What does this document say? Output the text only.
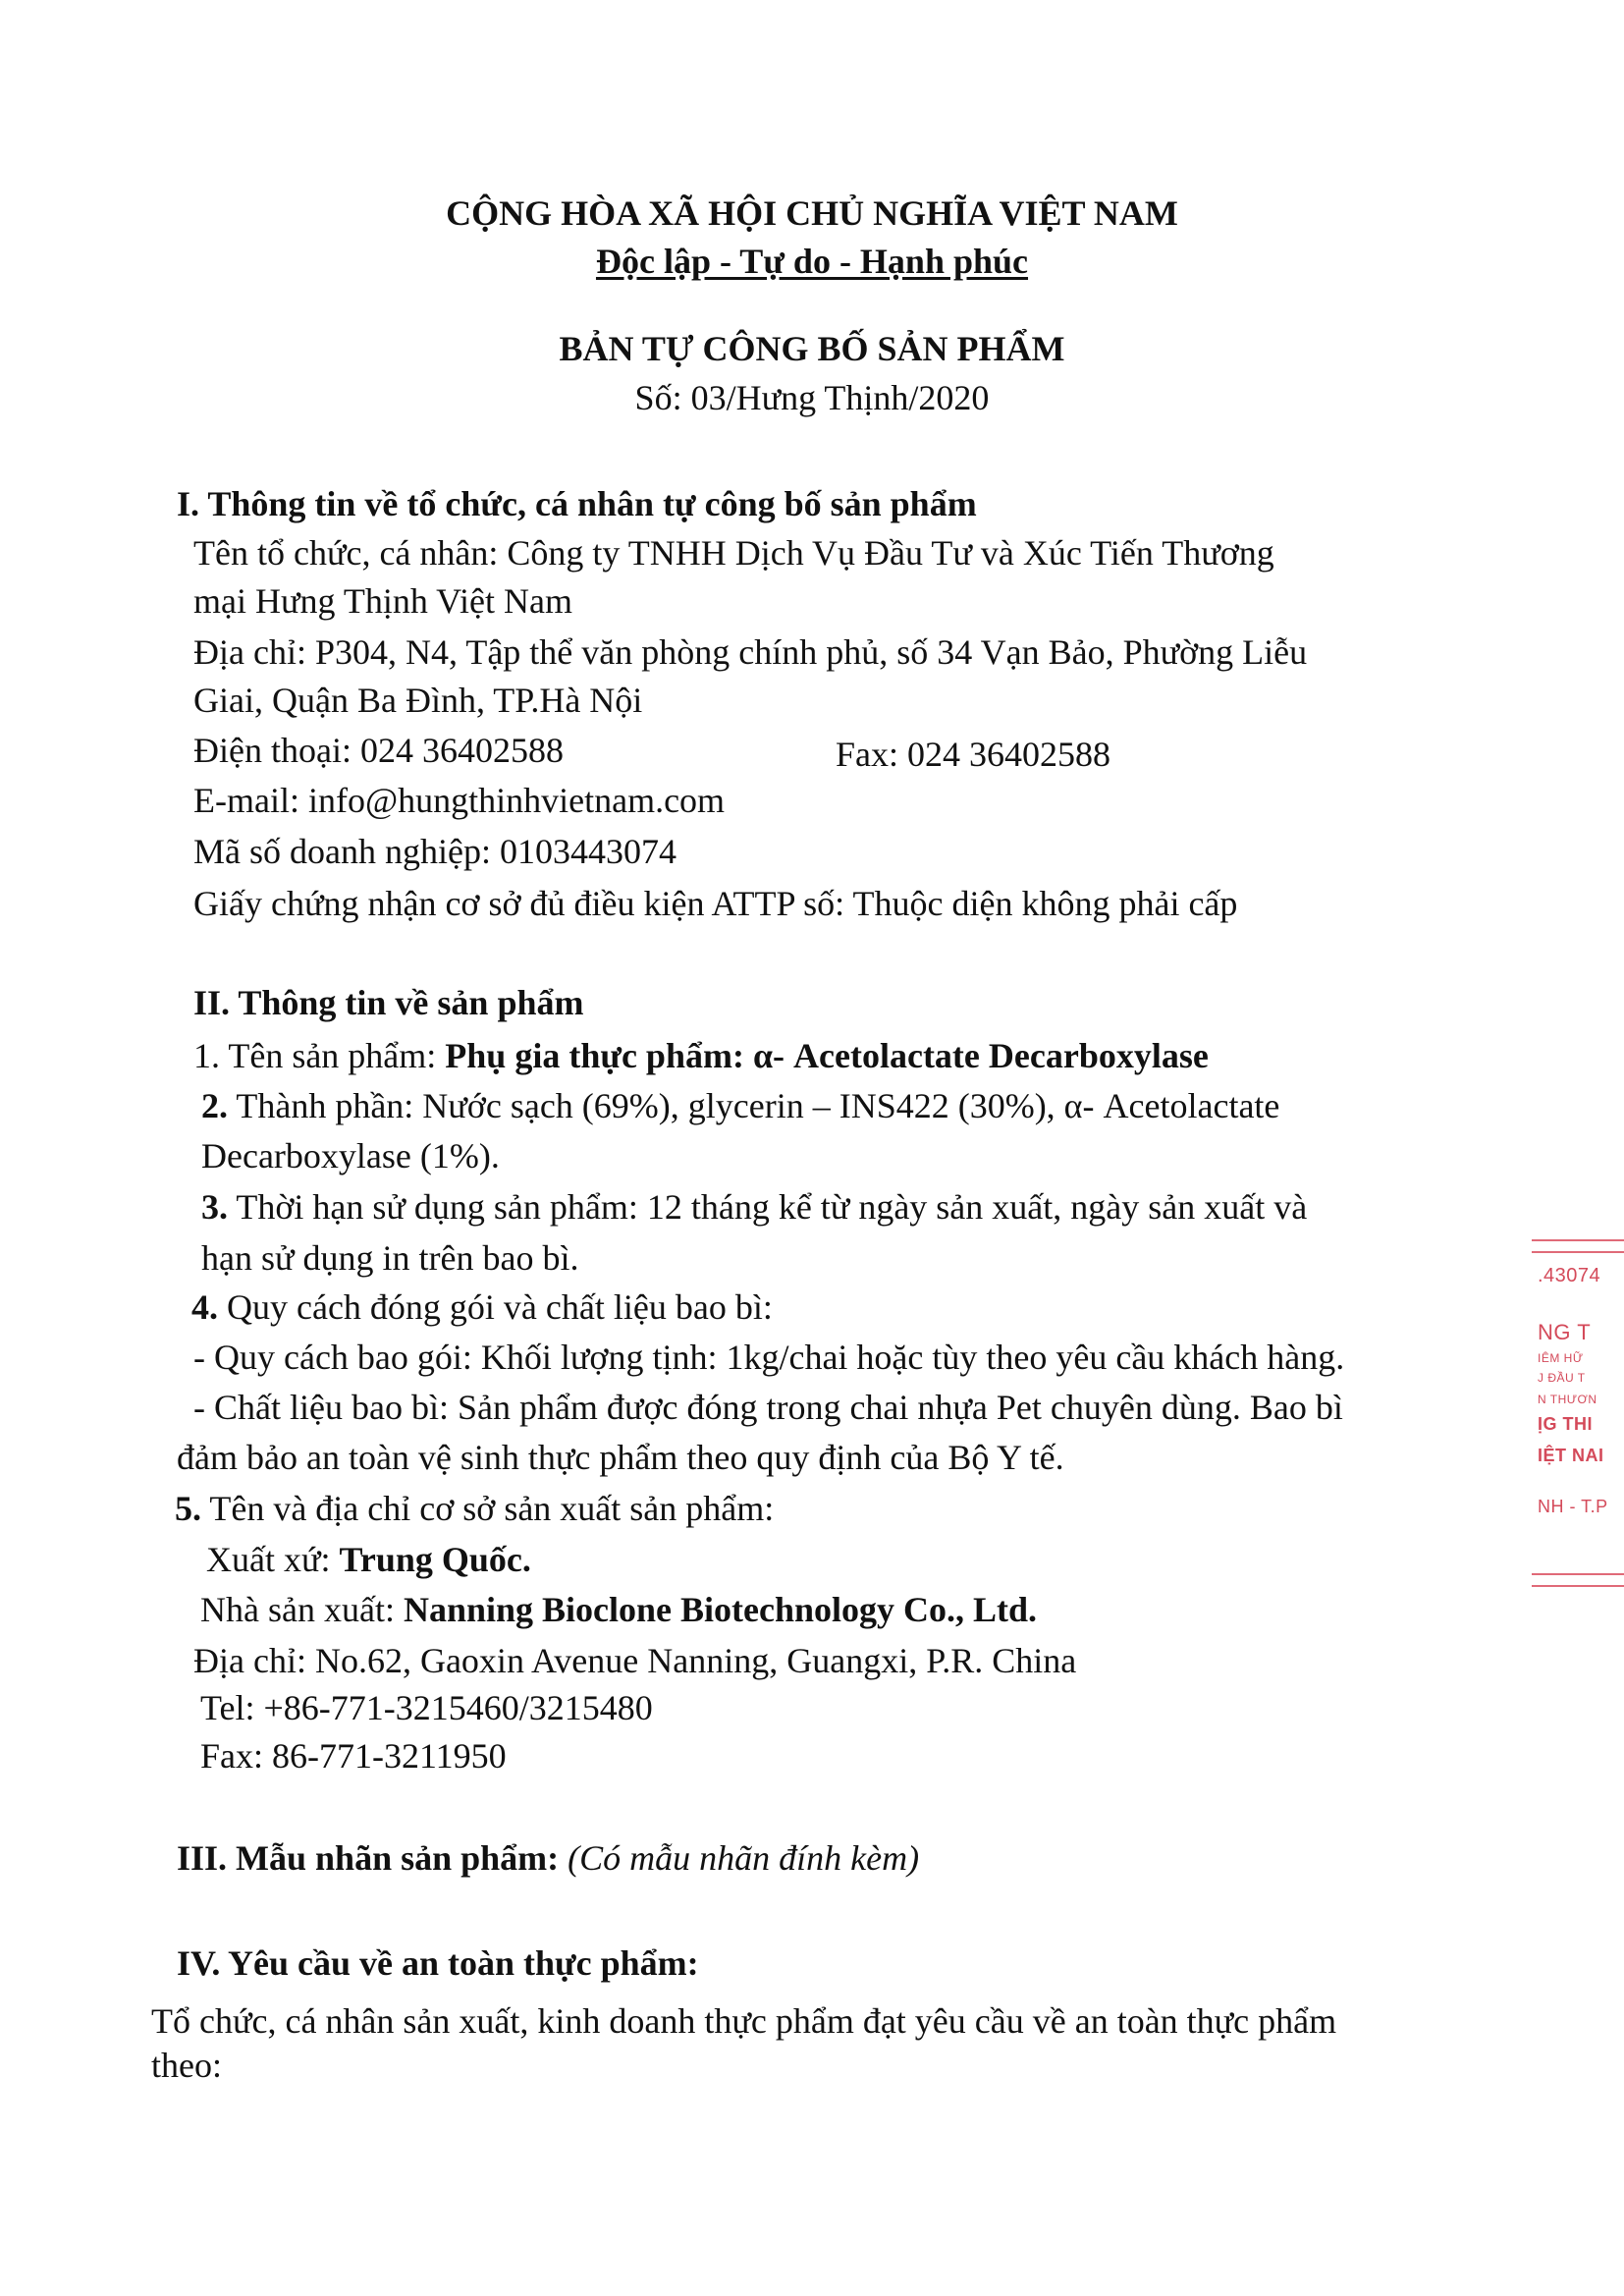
CỘNG HÒA XÃ HỘI CHỦ NGHĨA VIỆT NAM
Độc lập - Tự do - Hạnh phúc
BẢN TỰ CÔNG BỐ SẢN PHẨM
Số: 03/Hưng Thịnh/2020
I. Thông tin về tổ chức, cá nhân tự công bố sản phẩm
Tên tổ chức, cá nhân: Công ty TNHH Dịch Vụ Đầu Tư và Xúc Tiến Thương
mại Hưng Thịnh Việt Nam
Địa chỉ: P304, N4, Tập thể văn phòng chính phủ, số 34 Vạn Bảo, Phường Liễu
Giai, Quận Ba Đình, TP.Hà Nội
Điện thoại: 024 36402588	Fax: 024 36402588
E-mail: info@hungthinhvietnam.com
Mã số doanh nghiệp: 0103443074
Giấy chứng nhận cơ sở đủ điều kiện ATTP số: Thuộc diện không phải cấp
II. Thông tin về sản phẩm
1. Tên sản phẩm: Phụ gia thực phẩm: α- Acetolactate Decarboxylase
2. Thành phần: Nước sạch (69%), glycerin – INS422 (30%), α- Acetolactate
Decarboxylase (1%).
3. Thời hạn sử dụng sản phẩm: 12 tháng kể từ ngày sản xuất, ngày sản xuất và
hạn sử dụng in trên bao bì.
4. Quy cách đóng gói và chất liệu bao bì:
- Quy cách bao gói: Khối lượng tịnh: 1kg/chai hoặc tùy theo yêu cầu khách hàng.
- Chất liệu bao bì: Sản phẩm được đóng trong chai nhựa Pet chuyên dùng. Bao bì
đảm bảo an toàn vệ sinh thực phẩm theo quy định của Bộ Y tế.
5. Tên và địa chỉ cơ sở sản xuất sản phẩm:
Xuất xứ: Trung Quốc.
Nhà sản xuất: Nanning Bioclone Biotechnology Co., Ltd.
Địa chỉ: No.62, Gaoxin Avenue Nanning, Guangxi, P.R. China
Tel: +86-771-3215460/3215480
Fax: 86-771-3211950
III. Mẫu nhãn sản phẩm: (Có mẫu nhãn đính kèm)
IV. Yêu cầu về an toàn thực phẩm:
Tổ chức, cá nhân sản xuất, kinh doanh thực phẩm đạt yêu cầu về an toàn thực phẩm
theo:
.43074
NG T
IÊM HỮ
J ĐẦU T
N THƯƠN
ỊG THI
IỆT NAI
NH - T.P
